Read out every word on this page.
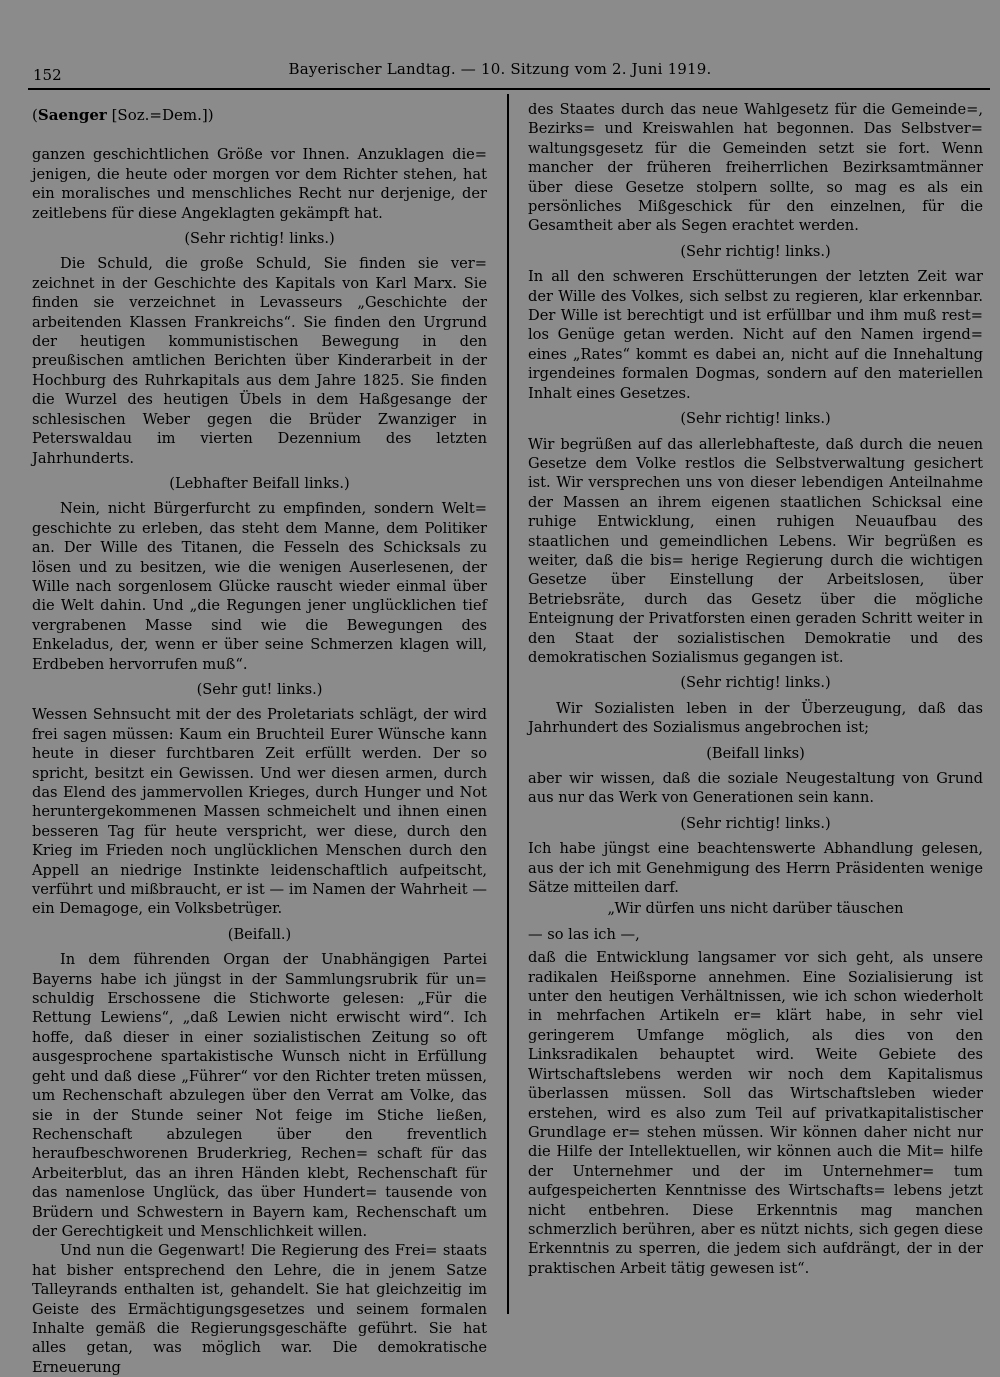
152	Bayerischer Landtag. — 10. Sitzung vom 2. Juni 1919.
(Saenger [Soz.=Dem.])

ganzen geschichtlichen Größe vor Ihnen. Anzuklagen die= jenigen, die heute oder morgen vor dem Richter stehen, hat ein moralisches und menschliches Recht nur derjenige, der zeitlebens für diese Angeklagten gekämpft hat.

(Sehr richtig! links.)

Die Schuld, die große Schuld, Sie finden sie ver= zeichnet in der Geschichte des Kapitals von Karl Marx. Sie finden sie verzeichnet in Levasseurs „Geschichte der arbeitenden Klassen Frankreichs“. Sie finden den Urgrund der heutigen kommunistischen Bewegung in den preußischen amtlichen Berichten über Kinderarbeit in der Hochburg des Ruhrkapitals aus dem Jahre 1825. Sie finden die Wurzel des heutigen Übels in dem Haßgesange der schlesischen Weber gegen die Brüder Zwanziger in Peterswaldau im vierten Dezennium des letzten Jahrhunderts.

(Lebhafter Beifall links.)

Nein, nicht Bürgerfurcht zu empfinden, sondern Welt= geschichte zu erleben, das steht dem Manne, dem Politiker an. Der Wille des Titanen, die Fesseln des Schicksals zu lösen und zu besitzen, wie die wenigen Auserlesenen, der Wille nach sorgenlosem Glücke rauscht wieder einmal über die Welt dahin. Und „die Regungen jener unglücklichen tief vergrabenen Masse sind wie die Bewegungen des Enkeladus, der, wenn er über seine Schmerzen klagen will, Erdbeben hervorrufen muß“.

(Sehr gut! links.)

Wessen Sehnsucht mit der des Proletariats schlägt, der wird frei sagen müssen: Kaum ein Bruchteil Eurer Wünsche kann heute in dieser furchtbaren Zeit erfüllt werden. Der so spricht, besitzt ein Gewissen. Und wer diesen armen, durch das Elend des jammervollen Krieges, durch Hunger und Not heruntergekommenen Massen schmeichelt und ihnen einen besseren Tag für heute verspricht, wer diese, durch den Krieg im Frieden noch unglücklichen Menschen durch den Appell an niedrige Instinkte leidenschaftlich aufpeitscht, verführt und mißbraucht, er ist — im Namen der Wahrheit — ein Demagoge, ein Volksbetrüger.

(Beifall.)

In dem führenden Organ der Unabhängigen Partei Bayerns habe ich jüngst in der Sammlungsrubrik für un= schuldig Erschossene die Stichworte gelesen: „Für die Rettung Lewiens“, „daß Lewien nicht erwischt wird“. Ich hoffe, daß dieser in einer sozialistischen Zeitung so oft ausgesprochene spartakistische Wunsch nicht in Erfüllung geht und daß diese „Führer“ vor den Richter treten müssen, um Rechenschaft abzulegen über den Verrat am Volke, das sie in der Stunde seiner Not feige im Stiche ließen, Rechenschaft abzulegen über den freventlich heraufbeschworenen Bruderkrieg, Rechen= schaft für das Arbeiterblut, das an ihren Händen klebt, Rechenschaft für das namenlose Unglück, das über Hundert= tausende von Brüdern und Schwestern in Bayern kam, Rechenschaft um der Gerechtigkeit und Menschlichkeit willen.

Und nun die Gegenwart! Die Regierung des Frei= staats hat bisher entsprechend den Lehre, die in jenem Satze Talleyrands enthalten ist, gehandelt. Sie hat gleichzeitig im Geiste des Ermächtigungsgesetzes und seinem formalen Inhalte gemäß die Regierungsgeschäfte geführt. Sie hat alles getan, was möglich war. Die demokratische Erneuerung

des Staates durch das neue Wahlgesetz für die Gemeinde=, Bezirks= und Kreiswahlen hat begonnen. Das Selbstver= waltungsgesetz für die Gemeinden setzt sie fort. Wenn mancher der früheren freiherrlichen Bezirksamtmänner über diese Gesetze stolpern sollte, so mag es als ein persönliches Mißgeschick für den einzelnen, für die Gesamtheit aber als Segen erachtet werden.

(Sehr richtig! links.)

In all den schweren Erschütterungen der letzten Zeit war der Wille des Volkes, sich selbst zu regieren, klar erkennbar. Der Wille ist berechtigt und ist erfüllbar und ihm muß rest= los Genüge getan werden. Nicht auf den Namen irgend= eines „Rates“ kommt es dabei an, nicht auf die Innehaltung irgendeines formalen Dogmas, sondern auf den materiellen Inhalt eines Gesetzes.

(Sehr richtig! links.)

Wir begrüßen auf das allerlebhafteste, daß durch die neuen Gesetze dem Volke restlos die Selbstverwaltung gesichert ist. Wir versprechen uns von dieser lebendigen Anteilnahme der Massen an ihrem eigenen staatlichen Schicksal eine ruhige Entwicklung, einen ruhigen Neuaufbau des staatlichen und gemeindlichen Lebens. Wir begrüßen es weiter, daß die bis= herige Regierung durch die wichtigen Gesetze über Einstellung der Arbeitslosen, über Betriebsräte, durch das Gesetz über die mögliche Enteignung der Privatforsten einen geraden Schritt weiter in den Staat der sozialistischen Demokratie und des demokratischen Sozialismus gegangen ist.

(Sehr richtig! links.)

Wir Sozialisten leben in der Überzeugung, daß das Jahrhundert des Sozialismus angebrochen ist;

(Beifall links)

aber wir wissen, daß die soziale Neugestaltung von Grund aus nur das Werk von Generationen sein kann.

(Sehr richtig! links.)

Ich habe jüngst eine beachtenswerte Abhandlung gelesen, aus der ich mit Genehmigung des Herrn Präsidenten wenige Sätze mitteilen darf.

„Wir dürfen uns nicht darüber täuschen

— so las ich —,

daß die Entwicklung langsamer vor sich geht, als unsere radikalen Heißsporne annehmen. Eine Sozialisierung ist unter den heutigen Verhältnissen, wie ich schon wiederholt in mehrfachen Artikeln er= klärt habe, in sehr viel geringerem Umfange möglich, als dies von den Linksradikalen behauptet wird. Weite Gebiete des Wirtschaftslebens werden wir noch dem Kapitalismus überlassen müssen. Soll das Wirtschaftsleben wieder erstehen, wird es also zum Teil auf privatkapitalistischer Grundlage er= stehen müssen. Wir können daher nicht nur die Hilfe der Intellektuellen, wir können auch die Mit= hilfe der Unternehmer und der im Unternehmer= tum aufgespeicherten Kenntnisse des Wirtschafts= lebens jetzt nicht entbehren. Diese Erkenntnis mag manchen schmerzlich berühren, aber es nützt nichts, sich gegen diese Erkenntnis zu sperren, die jedem sich aufdrängt, der in der praktischen Arbeit tätig gewesen ist“.
